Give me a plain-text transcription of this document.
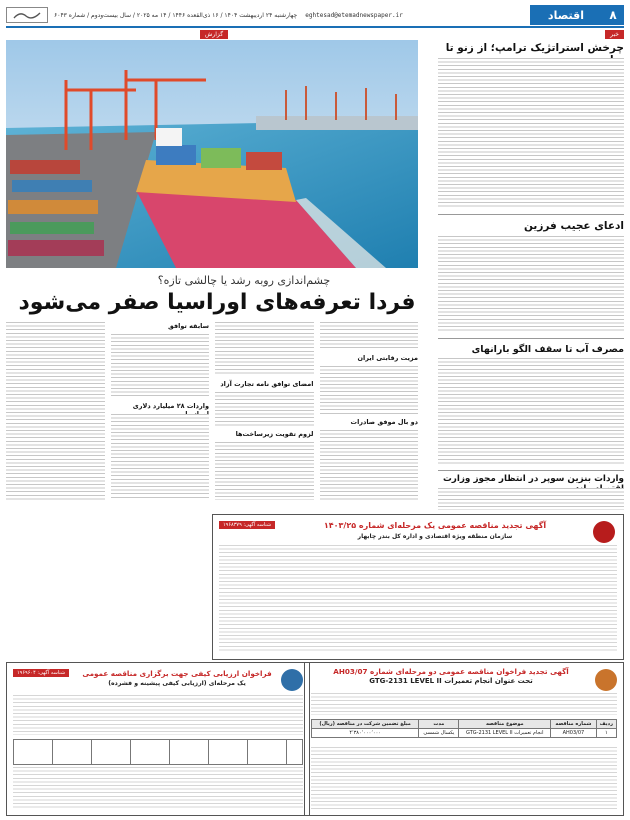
۸
اقتصاد
eghtesad@etemadnewspaper.ir
چهارشنبه ۲۴ اردیبهشت ۱۴۰۴ / ۱۶ ذی‌القعده ۱۴۴۶ / ۱۴ مه ۲۰۲۵ / سال بیست‌ودوم / شماره ۶۰۴۳
خبر
چرخش استراتژیک ترامپ؛ از زنو تا
ادعای عجیب فرزین
مصرف آب تا سقف الگو بارانهای
واردات بنزین سوپر در انتظار مجوز وزارت
گزارش
چشم‌اندازی روبه رشد یا چالشی تازه؟
فردا تعرفه‌های اوراسیا صفر می‌شود
مزیت رقابتی ایران
دو بال موفق صادرات
امضای توافق نامه تجارت آزاد
لزوم تقویت زیرساخت‌ها
سابقه توافق
واردات ۲۸ میلیارد دلاری
آگهی تجدید مناقصه عمومی یک مرحله‌ای شماره ۱۴۰۳/۲۵
سازمان منطقه ویژه اقتصادی و اداره کل بندر چابهار
شناسه آگهی: ۱۹۶۸۳۷۹
آگهی تجدید فراخوان مناقصه عمومی دو مرحله‌ای شماره AH03/07
تحت عنوان انجام تعمیرات GTG-2131 LEVEL II
ردیف	شماره مناقصه	موضوع مناقصه	مدت	مبلغ تضمین شرکت در مناقصه (ریال)
۱	AH03/07	انجام تعمیرات GTG-2131 LEVEL II	یکسال شمسی	۴٬۳۸۰٬۰۰۰٬۰۰۰
فراخوان ارزیابی کیفی جهت برگزاری مناقصه عمومی
یک مرحله‌ای (ارزیابی کیفی پیشینه و فشرده)
شناسه آگهی: ۱۹۶۹۶۰۴
